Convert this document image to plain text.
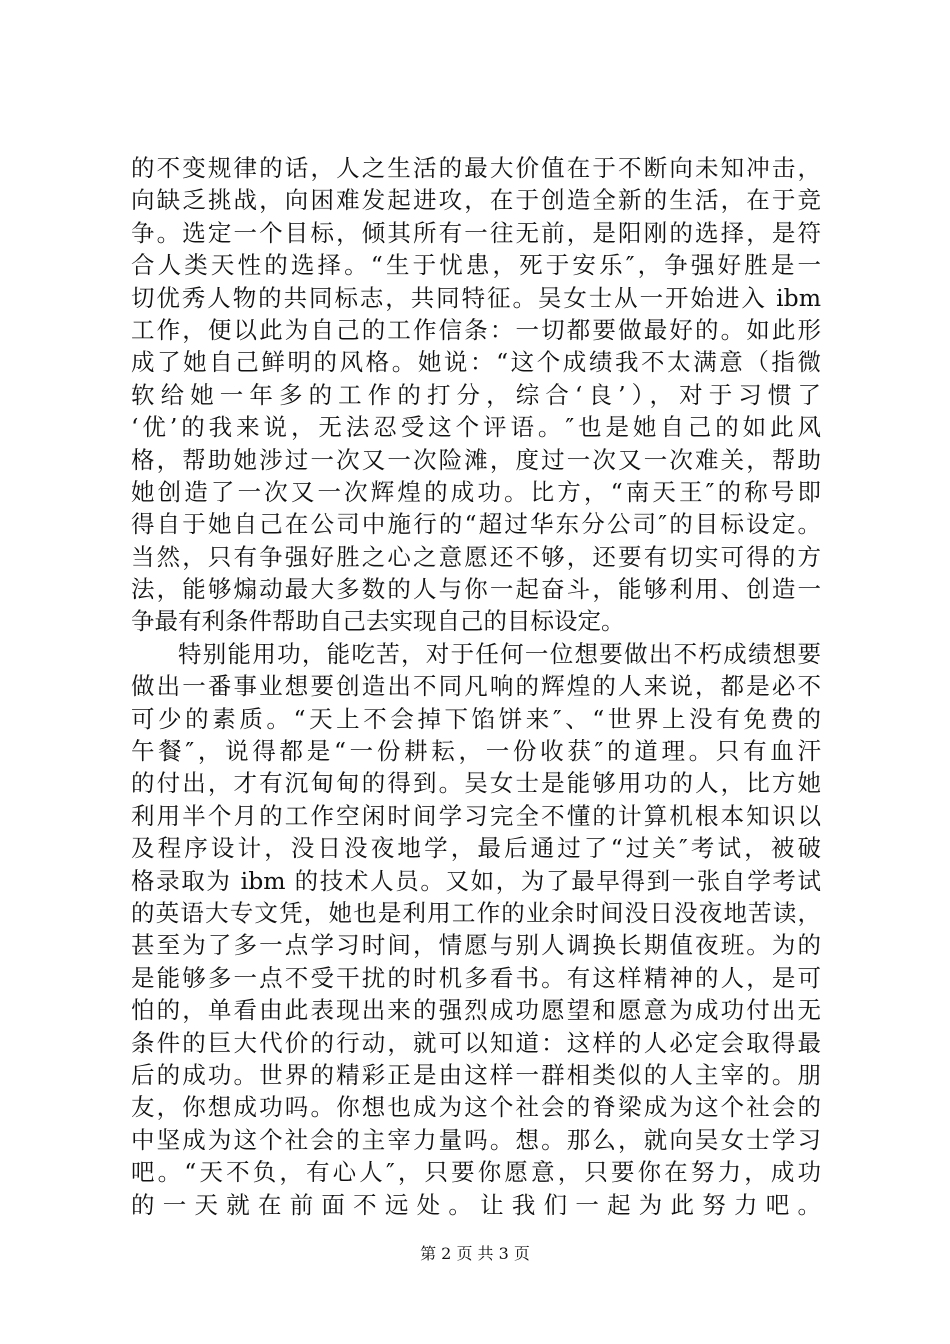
的不变规律的话，人之生活的最大价值在于不断向未知冲击，
向缺乏挑战，向困难发起进攻，在于创造全新的生活，在于竞
争。选定一个目标，倾其所有一往无前，是阳刚的选择，是符
合人类天性的选择。“生于忧患，死于安乐″，争强好胜是一
切优秀人物的共同标志，共同特征。吴女士从一开始进入 ibm
工作，便以此为自己的工作信条：一切都要做最好的。如此形
成了她自己鲜明的风格。她说：“这个成绩我不太满意（指微
软给她一年多的工作的打分，综合‘良’），对于习惯了
‘优’的我来说，无法忍受这个评语。″也是她自己的如此风
格，帮助她涉过一次又一次险滩，度过一次又一次难关，帮助
她创造了一次又一次辉煌的成功。比方，“南天王″的称号即
得自于她自己在公司中施行的“超过华东分公司″的目标设定。
当然，只有争强好胜之心之意愿还不够，还要有切实可得的方
法，能够煽动最大多数的人与你一起奋斗，能够利用、创造一
争最有利条件帮助自己去实现自己的目标设定。
特别能用功，能吃苦，对于任何一位想要做出不朽成绩想要
做出一番事业想要创造出不同凡响的辉煌的人来说，都是必不
可少的素质。“天上不会掉下馅饼来″、“世界上没有免费的
午餐″，说得都是“一份耕耘，一份收获″的道理。只有血汗
的付出，才有沉甸甸的得到。吴女士是能够用功的人，比方她
利用半个月的工作空闲时间学习完全不懂的计算机根本知识以
及程序设计，没日没夜地学，最后通过了“过关″考试，被破
格录取为 ibm 的技术人员。又如，为了最早得到一张自学考试
的英语大专文凭，她也是利用工作的业余时间没日没夜地苦读，
甚至为了多一点学习时间，情愿与别人调换长期值夜班。为的
是能够多一点不受干扰的时机多看书。有这样精神的人，是可
怕的，单看由此表现出来的强烈成功愿望和愿意为成功付出无
条件的巨大代价的行动，就可以知道：这样的人必定会取得最
后的成功。世界的精彩正是由这样一群相类似的人主宰的。朋
友，你想成功吗。你想也成为这个社会的脊梁成为这个社会的
中坚成为这个社会的主宰力量吗。想。那么，就向吴女士学习
吧。“天不负，有心人″，只要你愿意，只要你在努力，成功
的一天就在前面不远处。让我们一起为此努力吧。
第 2 页 共 3 页
